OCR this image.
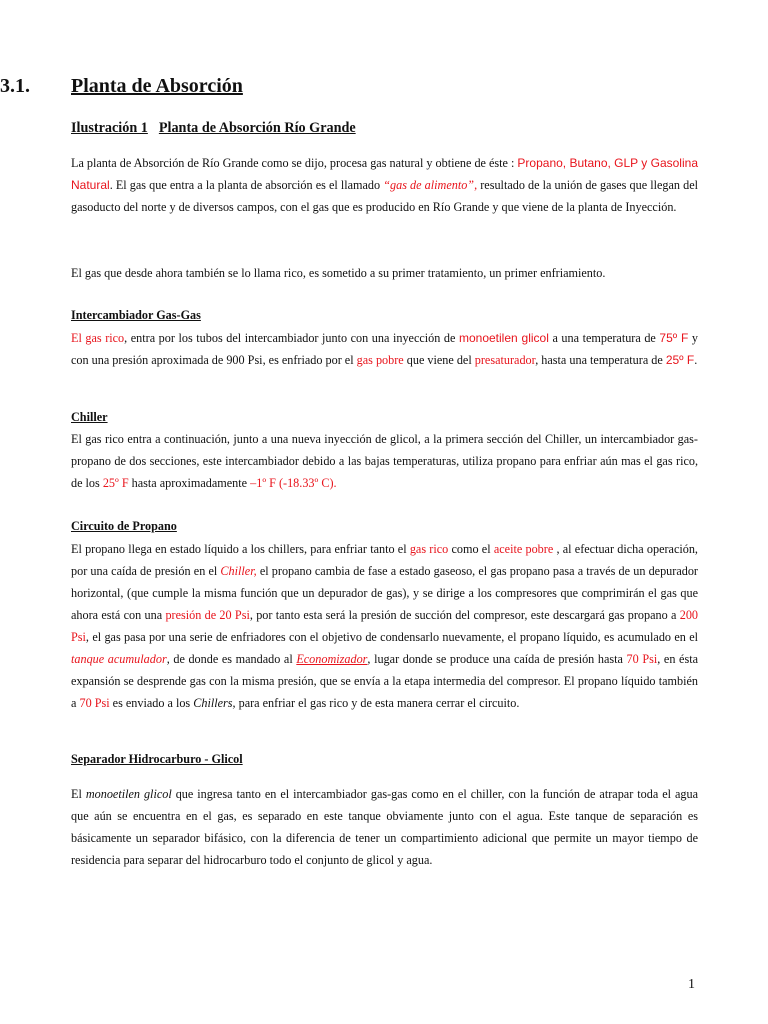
3.1. Planta de Absorción
Ilustración 1 Planta de Absorción Río Grande
La planta de Absorción de Río Grande como se dijo, procesa gas natural y obtiene de éste : Propano, Butano, GLP y Gasolina Natural. El gas que entra a la planta de absorción es el llamado “gas de alimento”, resultado de la unión de gases que llegan del gasoducto del norte y de diversos campos, con el gas que es producido en Río Grande y que viene de la planta de Inyección.
El gas que desde ahora también se lo llama rico, es sometido a su primer tratamiento, un primer enfriamiento.
Intercambiador Gas-Gas
El gas rico, entra por los tubos del intercambiador junto con una inyección de monoetilen glicol a una temperatura de 75º F y con una presión aproximada de 900 Psi, es enfriado por el gas pobre que viene del presaturador, hasta una temperatura de 25º F.
Chiller
El gas rico entra a continuación, junto a una nueva inyección de glicol, a la primera sección del Chiller, un intercambiador gas-propano de dos secciones, este intercambiador debido a las bajas temperaturas, utiliza propano para enfriar aún mas el gas rico, de los 25º F hasta aproximadamente –1º F (-18.33º C).
Circuito de Propano
El propano llega en estado líquido a los chillers, para enfriar tanto el gas rico como el aceite pobre , al efectuar dicha operación, por una caída de presión en el Chiller, el propano cambia de fase a estado gaseoso, el gas propano pasa a través de un depurador horizontal, (que cumple la misma función que un depurador de gas), y se dirige a los compresores que comprimirán el gas que ahora está con una presión de 20 Psi, por tanto esta será la presión de succión del compresor, este descargará gas propano a 200 Psi, el gas pasa por una serie de enfriadores con el objetivo de condensarlo nuevamente, el propano líquido, es acumulado en el tanque acumulador, de donde es mandado al Economizador, lugar donde se produce una caída de presión hasta 70 Psi, en ésta expansión se desprende gas con la misma presión, que se envía a la etapa intermedia del compresor. El propano líquido también a 70 Psi es enviado a los Chillers, para enfriar el gas rico y de esta manera cerrar el circuito.
Separador Hidrocarburo - Glicol
El monoetilen glicol que ingresa tanto en el intercambiador gas-gas como en el chiller, con la función de atrapar toda el agua que aún se encuentra en el gas, es separado en este tanque obviamente junto con el agua. Este tanque de separación es básicamente un separador bifásico, con la diferencia de tener un compartimiento adicional que permite un mayor tiempo de residencia para separar del hidrocarburo todo el conjunto de glicol y agua.
1
